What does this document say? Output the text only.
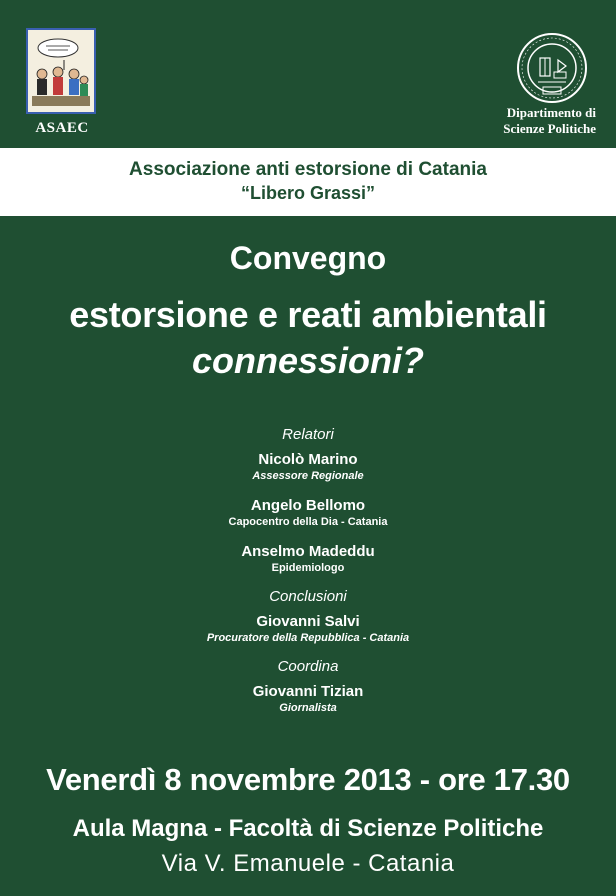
ASAEC
Dipartimento di
Scienze Politiche
Associazione anti estorsione di Catania
“Libero Grassi”
Convegno
estorsione e reati ambientali
connessioni?
Relatori
Nicolò Marino
Assessore Regionale
Angelo Bellomo
Capocentro della Dia - Catania
Anselmo Madeddu
Epidemiologo
Conclusioni
Giovanni Salvi
Procuratore della Repubblica - Catania
Coordina
Giovanni Tizian
Giornalista
Venerdì 8 novembre 2013 - ore 17.30
Aula Magna - Facoltà di Scienze Politiche
Via V. Emanuele - Catania
